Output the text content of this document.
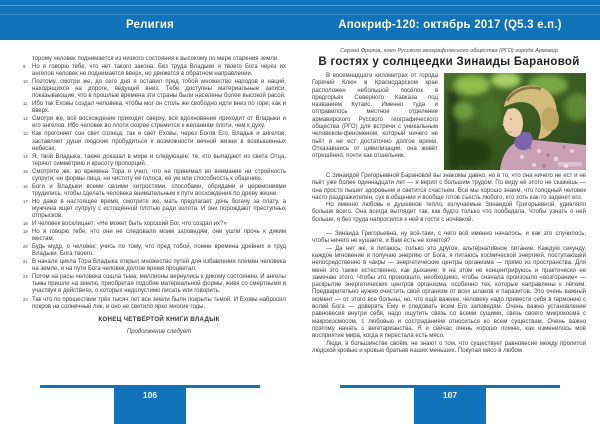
Религия	Апокриф-120: октябрь 2017 (Q5.3 е.п.)

торому человек поднимается из низкого состояния к высокому по мере старения земли.

9 Но я говорю тебе, что нет такого закона. Без труда Владыки и твоего Бога через их ангелов человек не поднимается вверх, но движется в обратном направлении.

10 Поэтому, смотри же, до сего дня я оставил пред тобой множество народов и наций, находящихся на дороге, ведущей вниз. Тебе доступны материальные записи, показывающие, что в прошлые времена эти страны были населены более высокой расой.

11 Ибо так Еховы создал человека, чтобы мог он столь же свободно идти вниз по горе, как и вверх.

12 Смотри же, всё восхождение приходит сверху, всё вдохновение приходит от Владыки и его ангелов. Ибо человек во плоти скорее стремится к желаниям плоти, чем к духу.

13 Как прогоняет сон свет солнца, так и свет Еховы, через Богов Его, Владык и ангелов, заставляет души людские пробудиться к возможности вечной жизни в возвышенных небесах.

14 Я, твой Владыка, также доказал в мире и следующее: те, кто выпадают из света Отца, теряют симметрию и красоту пропорций.

15 Смотрите же, во времена Тора я учил, что не принимал во внимание ни стройность супруги, ни формы лица, ни чистоту её голоса, её ум или способность к общению.

16 Боги и Владыки всеми своими хитростями, способами, обрядами и церемониями трудились, чтобы сделать человека внимательным к пути восхождения по древу жизни.

17 Но даже в настоящее время, смотрите же, мать предлагает дочь богачу за плату, а мужчина ищет супругу с истощённой плотью ради золота. И они порождают преступных отпрысков.

18 И человек восклицает: «Не может быть хороший Бог, что создал их?»

19 Но я говорю тебе, что они не следовали моим заповедям, они ушли прочь к диким местам.

20 Будь мудр, о человек; учись по тому, что пред тобой, помни времена древних и труд Владыки, Бога твоего.

21 В начале цикла Тора Владыка открыл множество путей для избавления племён человека на земле, и на пути Бога человек долгое время процветал.

22 Потом на расы человека сошла тьма; миллионы вернулись к дикому состоянию. И ангелы тьмы пришли на землю, приобретая подобие материальной формы, живя со смертными и участвуя в действиях, о которых недопустимо писать или говорить.

23 Так что по прошествии трёх тысяч лет все земли были покрыты тьмой. И Еховы набросил покров на солнечный лик, и оно не светило ярко многие годы.

КОНЕЦ ЧЕТВЁРТОЙ КНИГИ ВЛАДЫК

Продолжение следует

106

Сергей Фролов, член Русского географического общества (РГО) города Армавир

В гостях у солнцеедки Зинаиды Барановой

В восемнадцати километрах от города Горячий Ключ в Краснодарском крае расположен небольшой посёлок в предгорьях Северного Кавказа под названием Кутаис. Именно туда и отправилось местное отделение армавирского Русского географического общества (РГО) для встречи с уникальным человеком-феноменом, который ничего не пьёт и не ест достаточно долгое время. Отказавшись от цивилизации, она живёт отрешённо, почти как отшельник.

С Зинаидой Григорьевной Барановой вы знакомы давно, но в то, что она ничего не ест и не пьёт уже более одиннадцати лет — я верил с большим трудом. По виду её этого не скажешь — она просто пышет здоровьем и светится счастьем. Все мы хорошо знаем, что голодный человек часто раздражителен, сух в общении и вообще готов съесть любого, кто хоть как-то заденет его.

Но именно любовь и душевное тепло, излучаемые Зинаидой Григорьевной, удивляло больше всего. Она всегда выглядит так, как будто только что пообедала. Чтобы узнать о ней больше, я без труда напросился к ней в гости с ночёвкой.

— Зинаида Григорьевна, ну всё-таки, с чего всё именно началось, и как это случилось, чтобы ничего не кушаете, и Вам есть не хочется?

— Да нет же, я питаюсь, только это другое, альтернативное питание. Каждую секунду, каждое мгновение я получаю энергию от Бога, я питаюсь космической энергией, поступающей непосредственно в чакры — энергетические центры организма — прямо из пространства. Для меня это также естественно, как дыхание: я на этом не концентрируюсь и практически не замечаю этого. Чтобы это произошло, необходимо, чтобы сначала произошло «возгорание» — раскрытие энергетических центров организма, особенно тех, которые направлены к лёгким. Предварительно нужно очистить свой организм от всех шлаков и паразитов. Это очень важный момент — от этого все больны, но, что ещё важнее, человеку надо привести себя в гармонию с волей Бога — доверять Ему и следовать всем Его заповедям. Очень важно установление равновесия внутри себя, надо ощутить связь со всеми сущими, связь своего микрокосма с макрокосмосом, с любовью и состраданием относиться ко всем существам. Очень важно поэтому начать с вегетарианства. Я и сейчас очень хорошо помню, как изменилось моё восприятие мира, когда я перестала есть мясо.

Люди, в большинстве своём, не знают о том, что существует равновесие между пролитой людской кровью и кровью братьев наших меньших. Покупая мясо в любом

107
